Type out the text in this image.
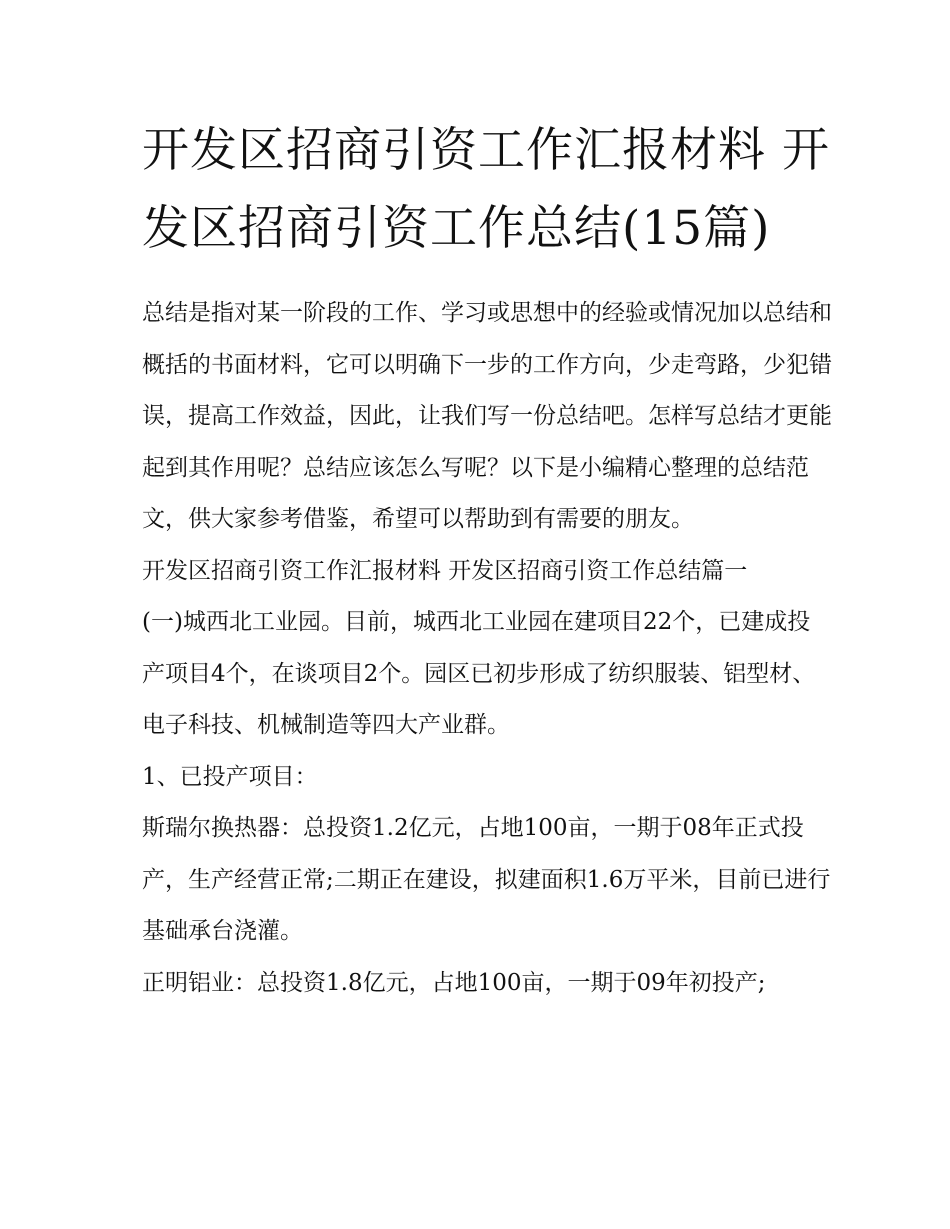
开发区招商引资工作汇报材料 开发区招商引资工作总结(15篇)

总结是指对某一阶段的工作、学习或思想中的经验或情况加以总结和概括的书面材料，它可以明确下一步的工作方向，少走弯路，少犯错误，提高工作效益，因此，让我们写一份总结吧。怎样写总结才更能起到其作用呢？总结应该怎么写呢？以下是小编精心整理的总结范文，供大家参考借鉴，希望可以帮助到有需要的朋友。

开发区招商引资工作汇报材料 开发区招商引资工作总结篇一

(一)城西北工业园。目前，城西北工业园在建项目22个，已建成投产项目4个，在谈项目2个。园区已初步形成了纺织服装、铝型材、电子科技、机械制造等四大产业群。

1、已投产项目：

斯瑞尔换热器：总投资1.2亿元，占地100亩，一期于08年正式投产，生产经营正常;二期正在建设，拟建面积1.6万平米，目前已进行基础承台浇灌。

正明铝业：总投资1.8亿元，占地100亩，一期于09年初投产;
